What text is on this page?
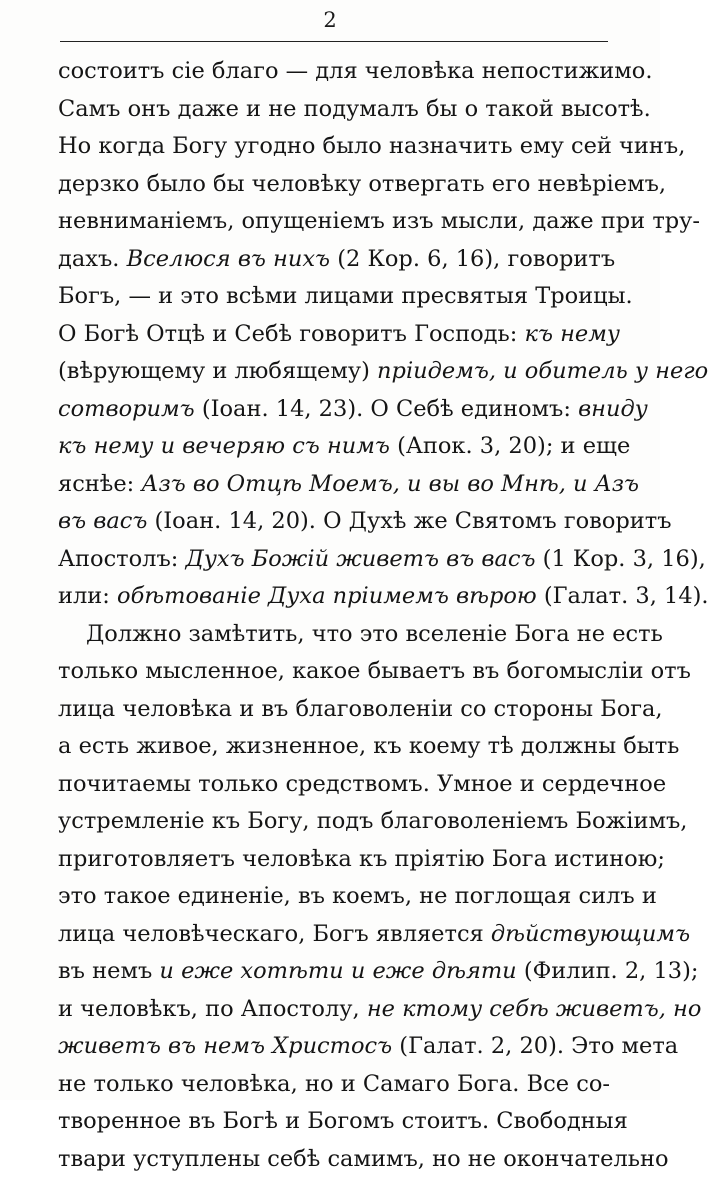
2
состоитъ сіе благо — для человѣка непостижимо.
Самъ онъ даже и не подумалъ бы о такой высотѣ.
Но когда Богу угодно было назначить ему сей чинъ,
дерзко было бы человѣку отвергать его невѣріемъ,
невниманіемъ, опущеніемъ изъ мысли, даже при тру-
дахъ. Вселюся въ нихъ (2 Кор. 6, 16), говоритъ
Богъ, — и это всѣми лицами пресвятыя Троицы.
О Богѣ Отцѣ и Себѣ говоритъ Господь: къ нему
(вѣрующему и любящему) пріидемъ, и обитель у него
сотворимъ (Іоан. 14, 23). О Себѣ единомъ: вниду
къ нему и вечеряю съ нимъ (Апок. 3, 20); и еще
яснѣе: Азъ во Отцѣ Моемъ, и вы во Мнѣ, и Азъ
въ васъ (Іоан. 14, 20). О Духѣ же Святомъ говоритъ
Апостолъ: Духъ Божій живетъ въ васъ (1 Кор. 3, 16),
или: обѣтованіе Духа пріимемъ вѣрою (Галат. 3, 14).
Должно замѣтить, что это вселеніе Бога не есть
только мысленное, какое бываетъ въ богомысліи отъ
лица человѣка и въ благоволеніи со стороны Бога,
а есть живое, жизненное, къ коему тѣ должны быть
почитаемы только средствомъ. Умное и сердечное
устремленіе къ Богу, подъ благоволеніемъ Божіимъ,
приготовляетъ человѣка къ пріятію Бога истиною;
это такое единеніе, въ коемъ, не поглощая силъ и
лица человѣческаго, Богъ является дѣйствующимъ
въ немъ и еже хотѣти и еже дѣяти (Филип. 2, 13);
и человѣкъ, по Апостолу, не ктому себѣ живетъ, но
живетъ въ немъ Христосъ (Галат. 2, 20). Это мета
не только человѣка, но и Самаго Бога. Все со-
творенное въ Богѣ и Богомъ стоитъ. Свободныя
твари уступлены себѣ самимъ, но не окончательно
